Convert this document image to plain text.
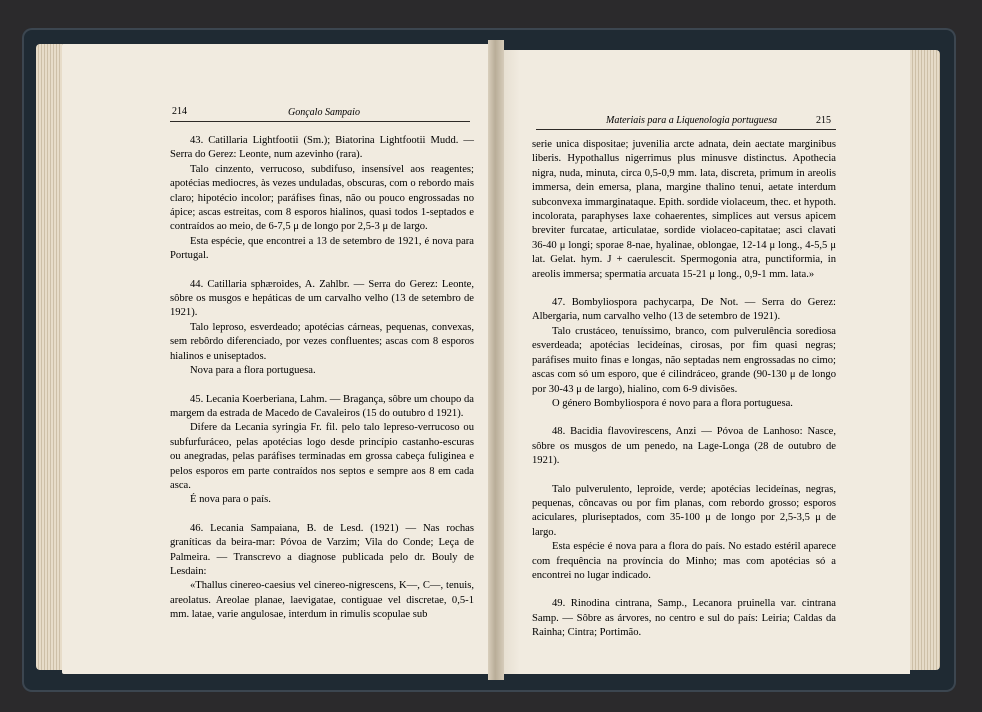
214	Gonçalo Sampaio

43. Catillaria Lightfootii (Sm.); Biatorina Lightfootii Mudd. — Serra do Gerez: Leonte, num azevinho (rara).

Talo cinzento, verrucoso, subdifuso, insensível aos reagentes; apotécias mediocres, às vezes unduladas, obscuras, com o rebordo mais claro; hipotécio incolor; paráfises finas, não ou pouco engrossadas no ápice; ascas estreitas, com 8 esporos hialinos, quasi todos 1-septados e contraídos ao meio, de 6-7,5 μ de longo por 2,5-3 μ de largo.

Esta espécie, que encontrei a 13 de setembro de 1921, é nova para Portugal.

44. Catillaria sphæroides, A. Zahlbr. — Serra do Gerez: Leonte, sôbre os musgos e hepáticas de um carvalho velho (13 de setembro de 1921).

Talo leproso, esverdeado; apotécias cárneas, pequenas, convexas, sem rebôrdo diferenciado, por vezes confluentes; ascas com 8 esporos hialinos e uniseptados.

Nova para a flora portuguesa.

45. Lecania Koerberiana, Lahm. — Bragança, sôbre um choupo da margem da estrada de Macedo de Cavaleiros (15 do outubro d 1921).

Difere da Lecania syringia Fr. fil. pelo talo lepreso-verrucoso ou subfurfuráceo, pelas apotécias logo desde princípio castanho-escuras ou anegradas, pelas paráfises terminadas em grossa cabeça fuliginea e pelos esporos em parte contraídos nos septos e sempre aos 8 em cada asca.

É nova para o país.

46. Lecania Sampaiana, B. de Lesd. (1921) — Nas rochas graníticas da beira-mar: Póvoa de Varzim; Vila do Conde; Leça de Palmeira. — Transcrevo a diagnose publicada pelo dr. Bouly de Lesdain:

«Thallus cinereo-caesius vel cinereo-nigrescens, K—, C—, tenuis, areolatus. Areolae planae, laevigatae, contiguae vel discretae, 0,5-1 mm. latae, varie angulosae, interdum in rimulis scopulae sub

Materiais para a Liquenologia portuguesa	215

serie unica dispositae; juvenilia arcte adnata, dein aectate marginibus liberis. Hypothallus nigerrimus plus minusve distinctus. Apothecia nigra, nuda, minuta, circa 0,5-0,9 mm. lata, discreta, primum in areolis immersa, dein emersa, plana, margine thalino tenui, aetate interdum subconvexa immarginataque. Epith. sordide violaceum, thec. et hypoth. incolorata, paraphyses laxe cohaerentes, simplices aut versus apicem breviter furcatae, articulatae, sordide violaceo-capitatae; asci clavati 36-40 μ longi; sporae 8-nae, hyalinae, oblongae, 12-14 μ long., 4-5,5 μ lat. Gelat. hym. J + caerulescit. Spermogonia atra, punctiformia, in areolis immersa; spermatia arcuata 15-21 μ long., 0,9-1 mm. lata.»

47. Bombyliospora pachycarpa, De Not. — Serra do Gerez: Albergaria, num carvalho velho (13 de setembro de 1921).

Talo crustáceo, tenuíssimo, branco, com pulverulência sorediosa esverdeada; apotécias lecideínas, cirosas, por fim quasi negras; paráfises muito finas e longas, não septadas nem engrossadas no cimo; ascas com só um esporo, que é cilindráceo, grande (90-130 μ de longo por 30-43 μ de largo), hialino, com 6-9 divisões.

O género Bombyliospora é novo para a flora portuguesa.

48. Bacidia flavovirescens, Anzi — Póvoa de Lanhoso: Nasce, sôbre os musgos de um penedo, na Lage-Longa (28 de outubro de 1921).

Talo pulverulento, leproide, verde; apotécias lecideínas, negras, pequenas, côncavas ou por fim planas, com rebordo grosso; esporos aciculares, pluriseptados, com 35-100 μ de longo por 2,5-3,5 μ de largo.

Esta espécie é nova para a flora do país. No estado estéril aparece com frequência na província do Minho; mas com apotécias só a encontrei no lugar indicado.

49. Rinodina cintrana, Samp., Lecanora pruinella var. cintrana Samp. — Sôbre as árvores, no centro e sul do país: Leiria; Caldas da Rainha; Cintra; Portimão.
